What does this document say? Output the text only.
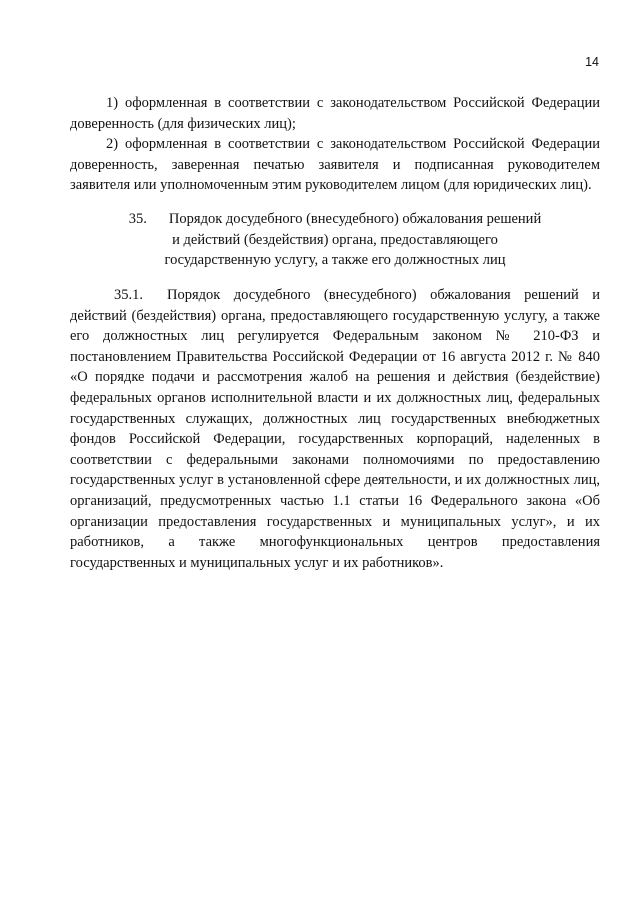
14

1) оформленная в соответствии с законодательством Российской Федерации доверенность (для физических лиц);

2) оформленная в соответствии с законодательством Российской Федерации доверенность, заверенная печатью заявителя и подписанная руководителем заявителя или уполномоченным этим руководителем лицом (для юридических лиц).

35. Порядок досудебного (внесудебного) обжалования решений
и действий (бездействия) органа, предоставляющего
государственную услугу, а также его должностных лиц

35.1. Порядок досудебного (внесудебного) обжалования решений и действий (бездействия) органа, предоставляющего государственную услугу, а также его должностных лиц регулируется Федеральным законом № 210-ФЗ и постановлением Правительства Российской Федерации от 16 августа 2012 г. № 840 «О порядке подачи и рассмотрения жалоб на решения и действия (бездействие) федеральных органов исполнительной власти и их должностных лиц, федеральных государственных служащих, должностных лиц государственных внебюджетных фондов Российской Федерации, государственных корпораций, наделенных в соответствии с федеральными законами полномочиями по предоставлению государственных услуг в установленной сфере деятельности, и их должностных лиц, организаций, предусмотренных частью 1.1 статьи 16 Федерального закона «Об организации предоставления государственных и муниципальных услуг», и их работников, а также многофункциональных центров предоставления государственных и муниципальных услуг и их работников».
